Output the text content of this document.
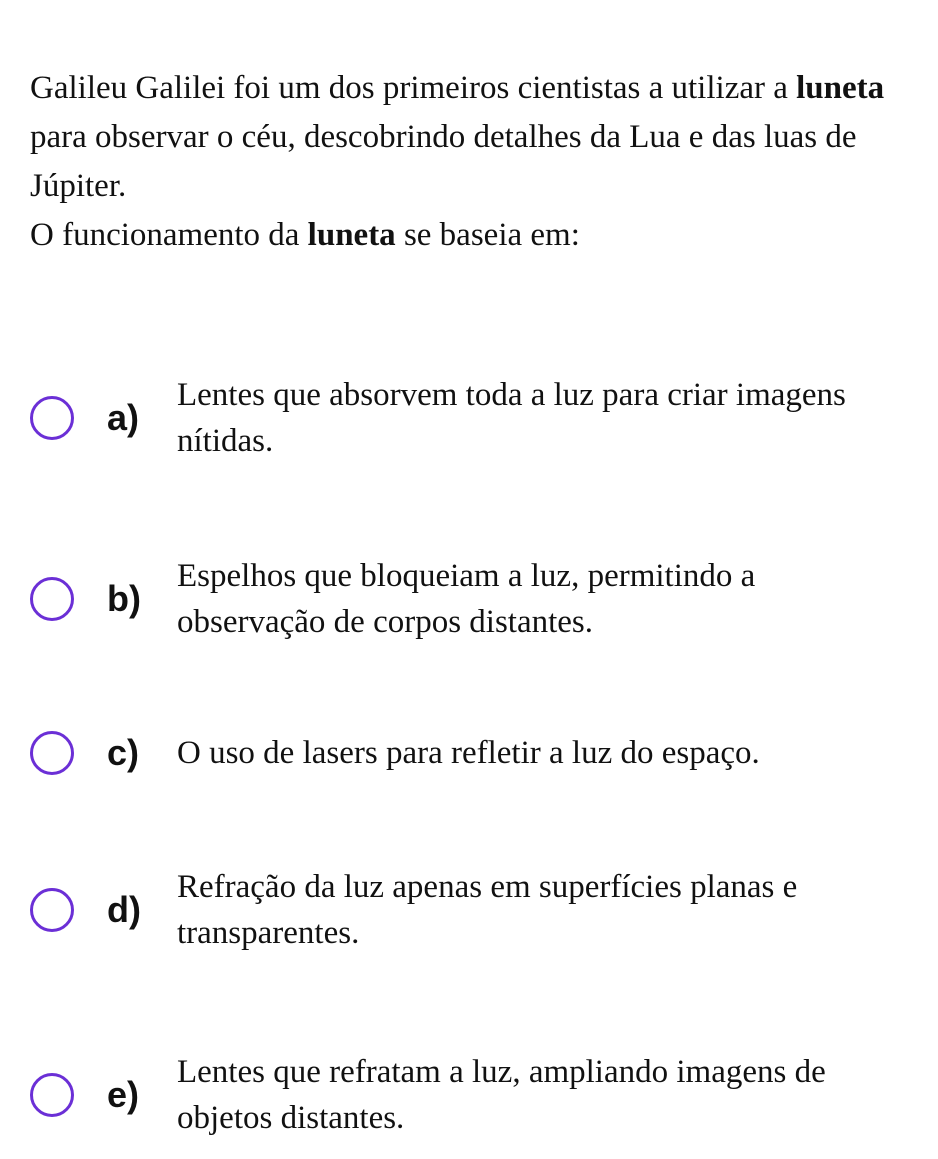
Galileu Galilei foi um dos primeiros cientistas a utilizar a luneta para observar o céu, descobrindo detalhes da Lua e das luas de Júpiter.

O funcionamento da luneta se baseia em:

a)
Lentes que absorvem toda a luz para criar imagens nítidas.
b)
Espelhos que bloqueiam a luz, permitindo a observação de corpos distantes.
c)	O uso de lasers para refletir a luz do espaço.
d)
Refração da luz apenas em superfícies planas e transparentes.
e)
Lentes que refratam a luz, ampliando imagens de objetos distantes.
